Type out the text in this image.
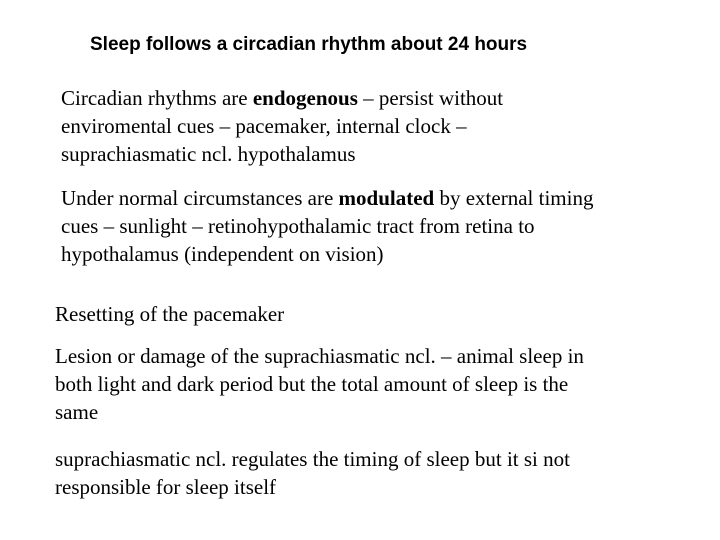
Sleep follows a circadian rhythm about 24 hours

Circadian rhythms are endogenous – persist without
enviromental cues – pacemaker, internal clock –
suprachiasmatic ncl. hypothalamus

Under normal circumstances are modulated by external timing
cues – sunlight – retinohypothalamic tract from retina to
hypothalamus (independent on vision)

Resetting of the pacemaker

Lesion or damage of the suprachiasmatic ncl. – animal sleep in
both light and dark period but the total amount of sleep is the
same

suprachiasmatic ncl. regulates the timing of sleep but it si not
responsible for sleep itself
